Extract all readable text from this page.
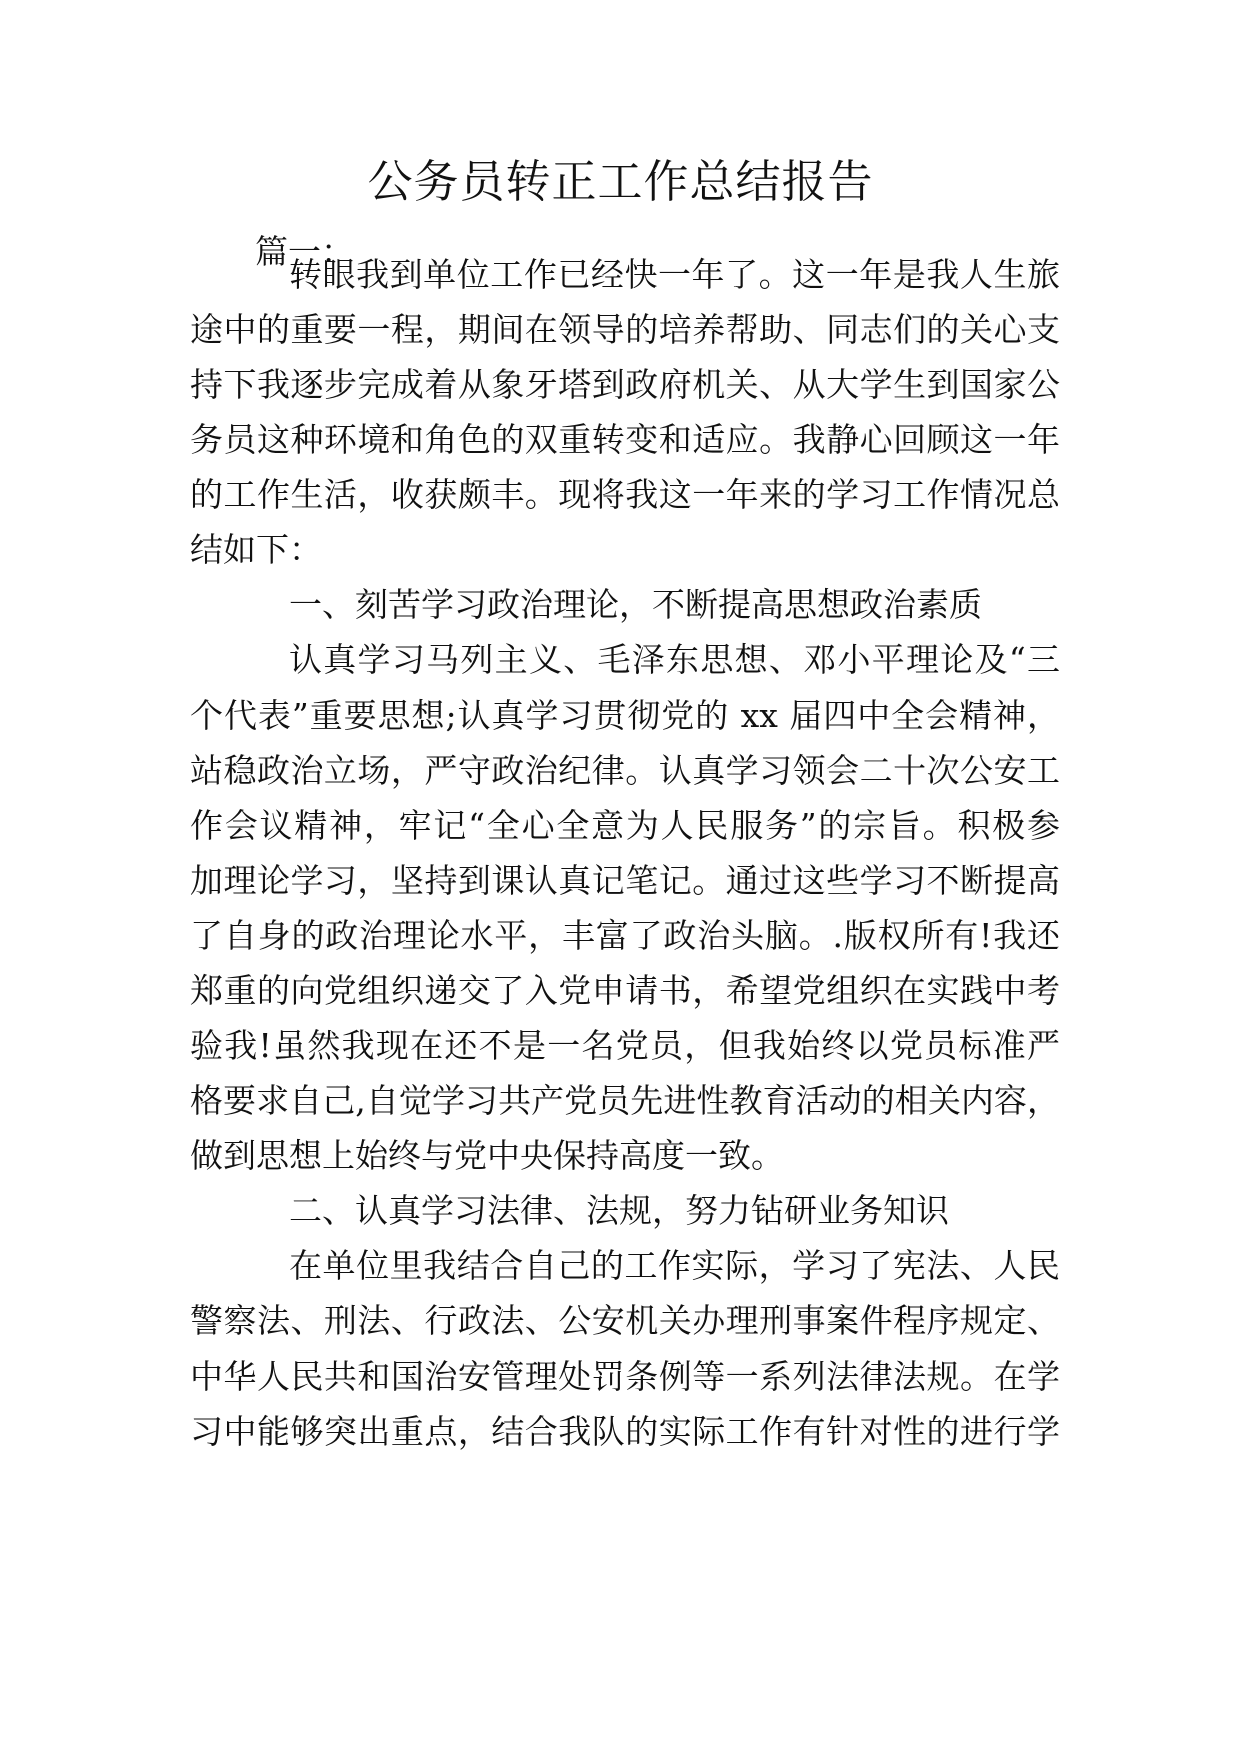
公务员转正工作总结报告
篇一：
转眼我到单位工作已经快一年了。这一年是我人生旅
途中的重要一程，期间在领导的培养帮助、同志们的关心支
持下我逐步完成着从象牙塔到政府机关、从大学生到国家公
务员这种环境和角色的双重转变和适应。我静心回顾这一年
的工作生活，收获颇丰。现将我这一年来的学习工作情况总
结如下：
一、刻苦学习政治理论，不断提高思想政治素质
认真学习马列主义、毛泽东思想、邓小平理论及“三
个代表”重要思想;认真学习贯彻党的 xx 届四中全会精神，
站稳政治立场，严守政治纪律。认真学习领会二十次公安工
作会议精神，牢记“全心全意为人民服务”的宗旨。积极参
加理论学习，坚持到课认真记笔记。通过这些学习不断提高
了自身的政治理论水平，丰富了政治头脑。.版权所有!我还
郑重的向党组织递交了入党申请书，希望党组织在实践中考
验我!虽然我现在还不是一名党员，但我始终以党员标准严
格要求自己,自觉学习共产党员先进性教育活动的相关内容，
做到思想上始终与党中央保持高度一致。
二、认真学习法律、法规，努力钻研业务知识
在单位里我结合自己的工作实际，学习了宪法、人民
警察法、刑法、行政法、公安机关办理刑事案件程序规定、
中华人民共和国治安管理处罚条例等一系列法律法规。在学
习中能够突出重点，结合我队的实际工作有针对性的进行学
